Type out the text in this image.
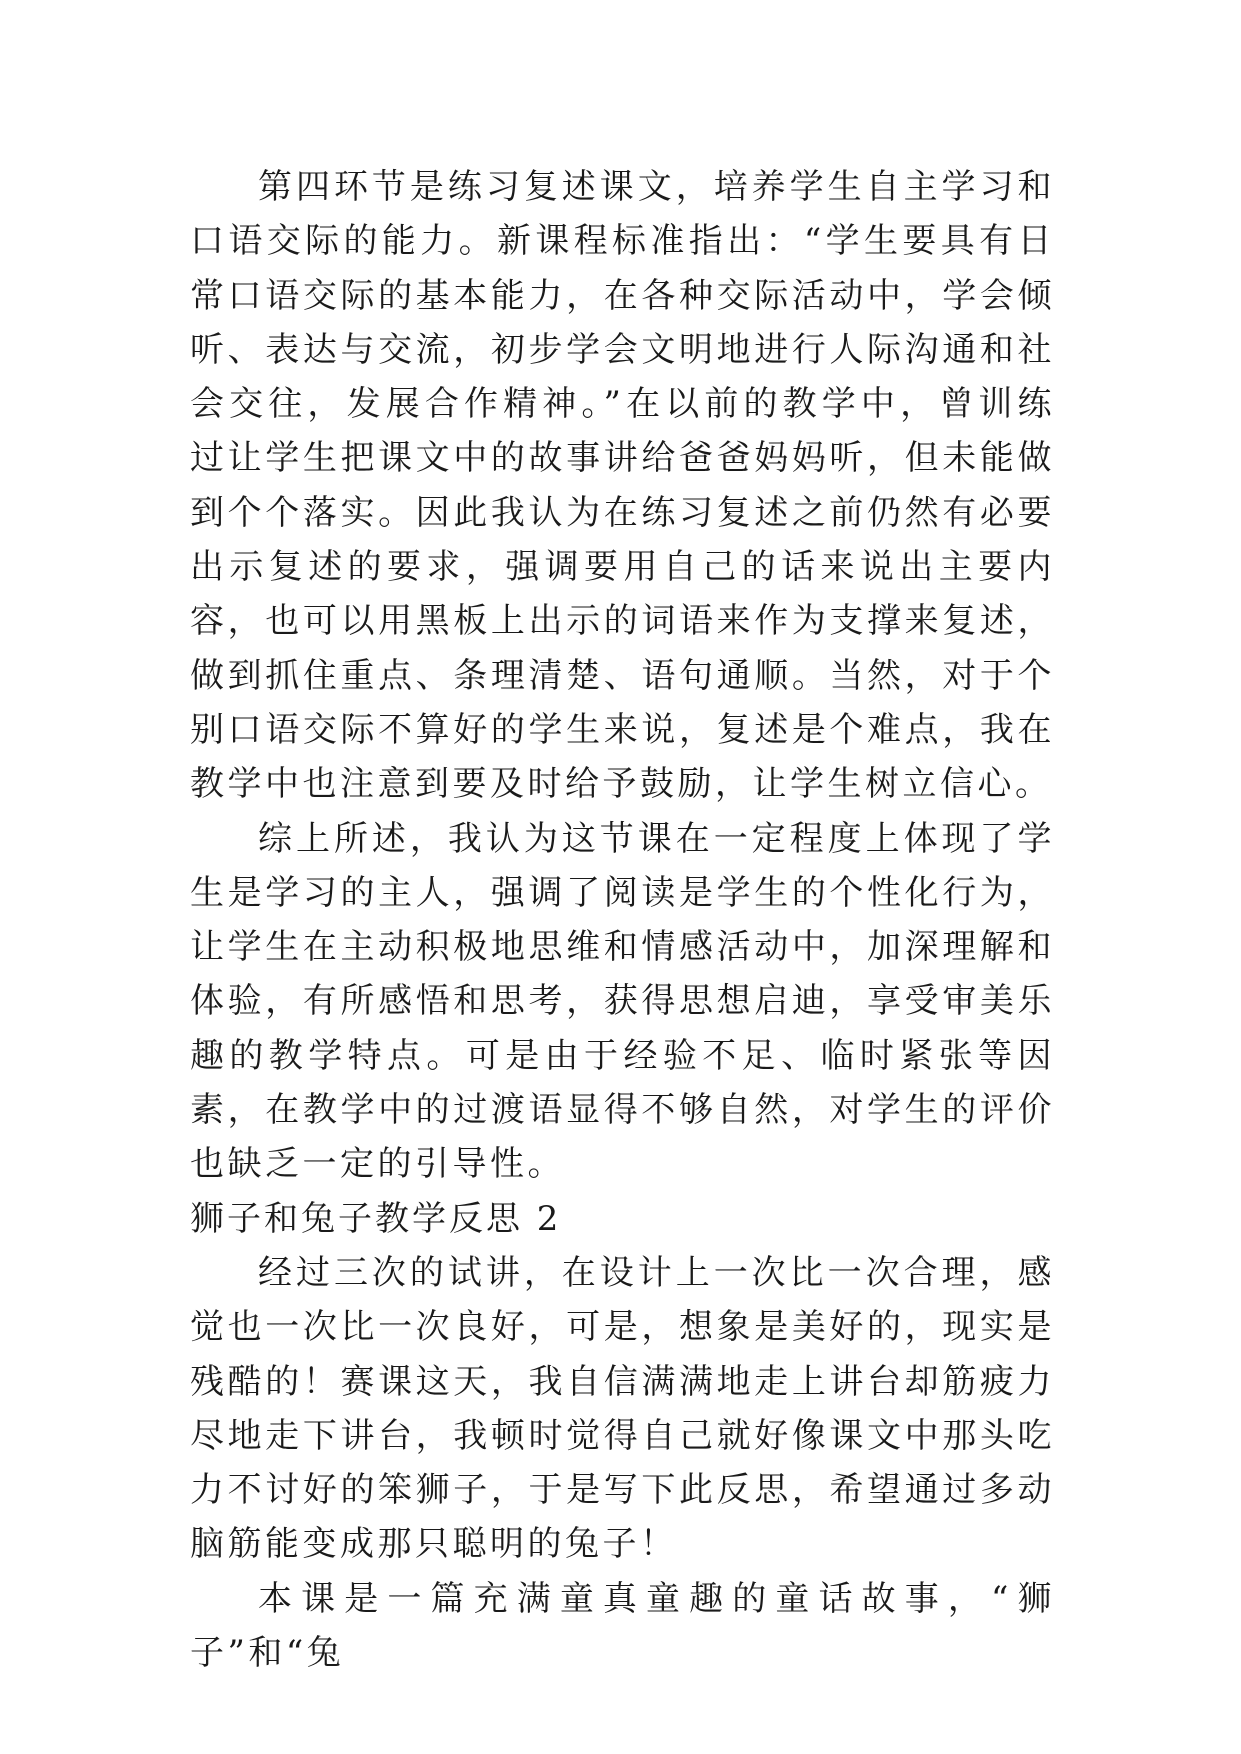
第四环节是练习复述课文，培养学生自主学习和口语交际的能力。新课程标准指出：“学生要具有日常口语交际的基本能力，在各种交际活动中，学会倾听、表达与交流，初步学会文明地进行人际沟通和社会交往，发展合作精神。”在以前的教学中，曾训练过让学生把课文中的故事讲给爸爸妈妈听，但未能做到个个落实。因此我认为在练习复述之前仍然有必要出示复述的要求，强调要用自己的话来说出主要内容，也可以用黑板上出示的词语来作为支撑来复述，做到抓住重点、条理清楚、语句通顺。当然，对于个别口语交际不算好的学生来说，复述是个难点，我在教学中也注意到要及时给予鼓励，让学生树立信心。

综上所述，我认为这节课在一定程度上体现了学生是学习的主人，强调了阅读是学生的个性化行为，让学生在主动积极地思维和情感活动中，加深理解和体验，有所感悟和思考，获得思想启迪，享受审美乐趣的教学特点。可是由于经验不足、临时紧张等因素，在教学中的过渡语显得不够自然，对学生的评价也缺乏一定的引导性。

狮子和兔子教学反思 2

经过三次的试讲，在设计上一次比一次合理，感觉也一次比一次良好，可是，想象是美好的，现实是残酷的！赛课这天，我自信满满地走上讲台却筋疲力尽地走下讲台，我顿时觉得自己就好像课文中那头吃力不讨好的笨狮子，于是写下此反思，希望通过多动脑筋能变成那只聪明的兔子！

本课是一篇充满童真童趣的童话故事，“狮子”和“兔
